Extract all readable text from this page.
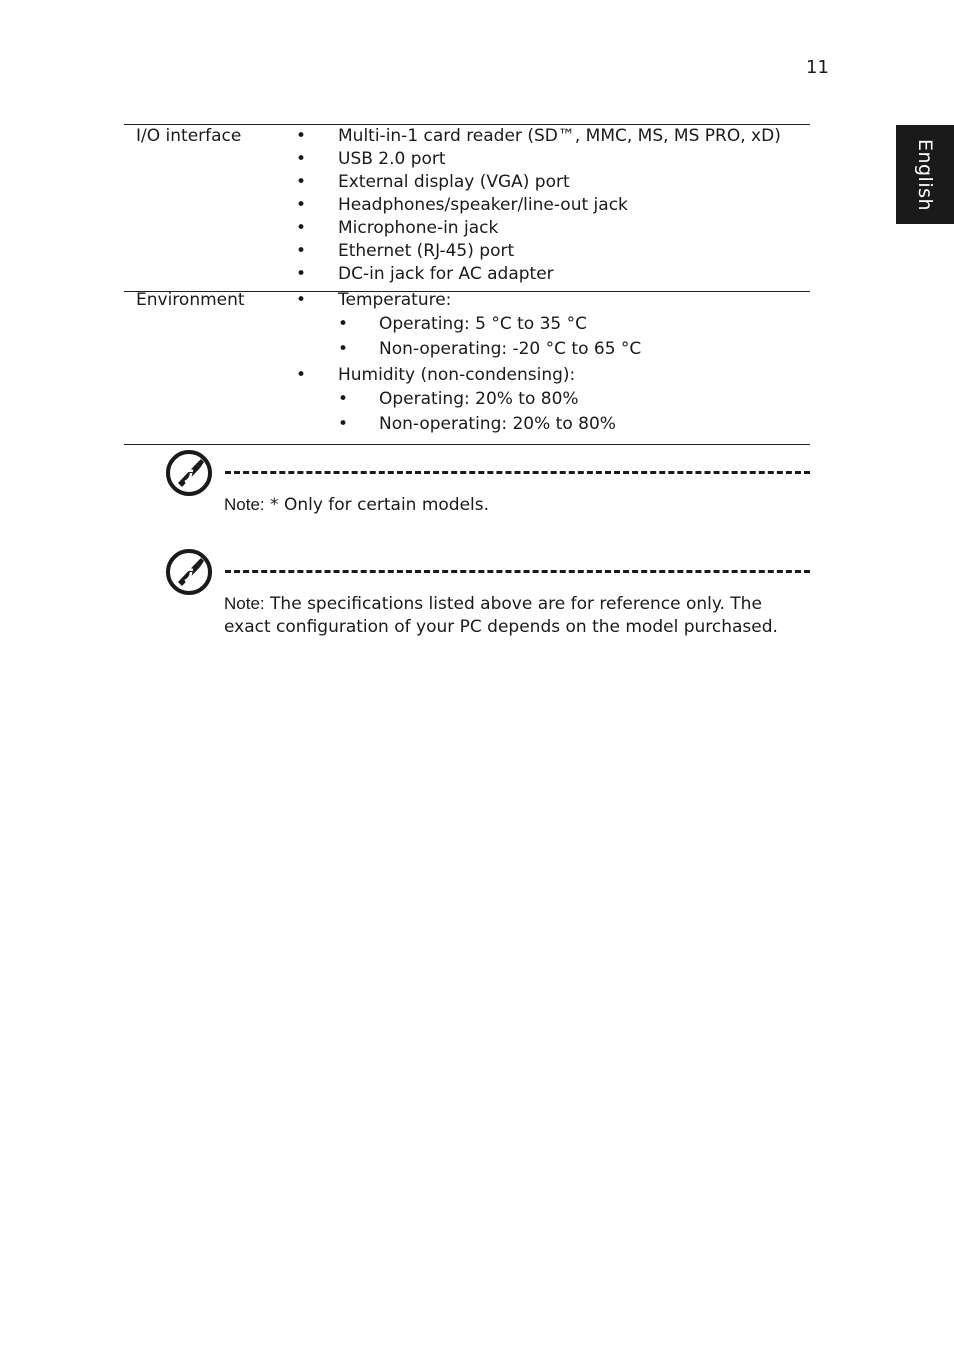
11
English
I/O interface	• Multi-in-1 card reader (SD™, MMC, MS, MS PRO, xD)
• USB 2.0 port
• External display (VGA) port
• Headphones/speaker/line-out jack
• Microphone-in jack
• Ethernet (RJ-45) port
• DC-in jack for AC adapter
Environment	• Temperature:
• Operating: 5 °C to 35 °C
• Non-operating: -20 °C to 65 °C
• Humidity (non-condensing):
• Operating: 20% to 80%
• Non-operating: 20% to 80%
Note: * Only for certain models.
Note: The specifications listed above are for reference only. The exact configuration of your PC depends on the model purchased.
